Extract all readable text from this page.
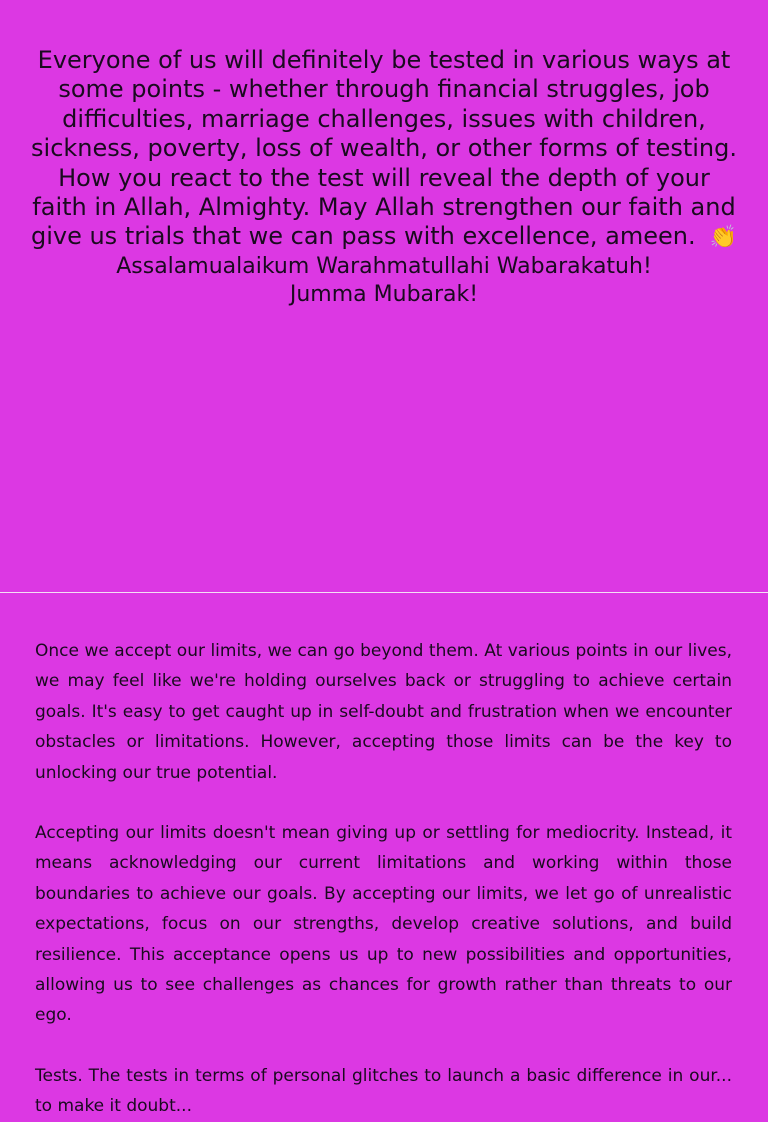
Everyone of us will definitely be tested in various ways at some points - whether through financial struggles, job difficulties, marriage challenges, issues with children, sickness, poverty, loss of wealth, or other forms of testing. How you react to the test will reveal the depth of your faith in Allah, Almighty. May Allah strengthen our faith and give us trials that we can pass with excellence, ameen. 👏

Assalamualaikum Warahmatullahi Wabarakatuh!

Jumma Mubarak!

Once we accept our limits, we can go beyond them. At various points in our lives, we may feel like we're holding ourselves back or struggling to achieve certain goals. It's easy to get caught up in self-doubt and frustration when we encounter obstacles or limitations. However, accepting those limits can be the key to unlocking our true potential.

Accepting our limits doesn't mean giving up or settling for mediocrity. Instead, it means acknowledging our current limitations and working within those boundaries to achieve our goals. By accepting our limits, we let go of unrealistic expectations, focus on our strengths, develop creative solutions, and build resilience. This acceptance opens us up to new possibilities and opportunities, allowing us to see challenges as chances for growth rather than threats to our ego.

Tests. The tests in terms of personal glitches to launch a basic difference in our... to make it doubt...
